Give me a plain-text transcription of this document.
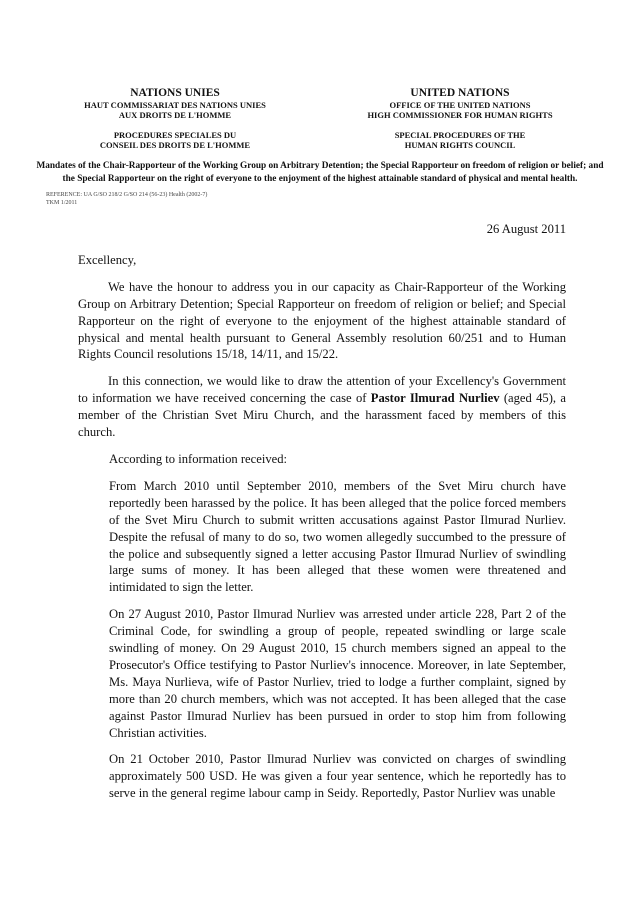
NATIONS UNIES
HAUT COMMISSARIAT DES NATIONS UNIES
AUX DROITS DE L'HOMME
PROCEDURES SPECIALES DU
CONSEIL DES DROITS DE L'HOMME
UNITED NATIONS
OFFICE OF THE UNITED NATIONS
HIGH COMMISSIONER FOR HUMAN RIGHTS
SPECIAL PROCEDURES OF THE
HUMAN RIGHTS COUNCIL
Mandates of the Chair-Rapporteur of the Working Group on Arbitrary Detention; the Special Rapporteur on freedom of religion or belief; and the Special Rapporteur on the right of everyone to the enjoyment of the highest attainable standard of physical and mental health.
REFERENCE: UA G/SO 218/2 G/SO 214 (56-23) Health (2002-7)
TKM 1/2011
26 August 2011
Excellency,
We have the honour to address you in our capacity as Chair-Rapporteur of the Working Group on Arbitrary Detention; Special Rapporteur on freedom of religion or belief; and Special Rapporteur on the right of everyone to the enjoyment of the highest attainable standard of physical and mental health pursuant to General Assembly resolution 60/251 and to Human Rights Council resolutions 15/18, 14/11, and 15/22.
In this connection, we would like to draw the attention of your Excellency's Government to information we have received concerning the case of Pastor Ilmurad Nurliev (aged 45), a member of the Christian Svet Miru Church, and the harassment faced by members of this church.
According to information received:
From March 2010 until September 2010, members of the Svet Miru church have reportedly been harassed by the police. It has been alleged that the police forced members of the Svet Miru Church to submit written accusations against Pastor Ilmurad Nurliev. Despite the refusal of many to do so, two women allegedly succumbed to the pressure of the police and subsequently signed a letter accusing Pastor Ilmurad Nurliev of swindling large sums of money. It has been alleged that these women were threatened and intimidated to sign the letter.
On 27 August 2010, Pastor Ilmurad Nurliev was arrested under article 228, Part 2 of the Criminal Code, for swindling a group of people, repeated swindling or large scale swindling of money. On 29 August 2010, 15 church members signed an appeal to the Prosecutor's Office testifying to Pastor Nurliev's innocence. Moreover, in late September, Ms. Maya Nurlieva, wife of Pastor Nurliev, tried to lodge a further complaint, signed by more than 20 church members, which was not accepted. It has been alleged that the case against Pastor Ilmurad Nurliev has been pursued in order to stop him from following Christian activities.
On 21 October 2010, Pastor Ilmurad Nurliev was convicted on charges of swindling approximately 500 USD. He was given a four year sentence, which he reportedly has to serve in the general regime labour camp in Seidy. Reportedly, Pastor Nurliev was unable
